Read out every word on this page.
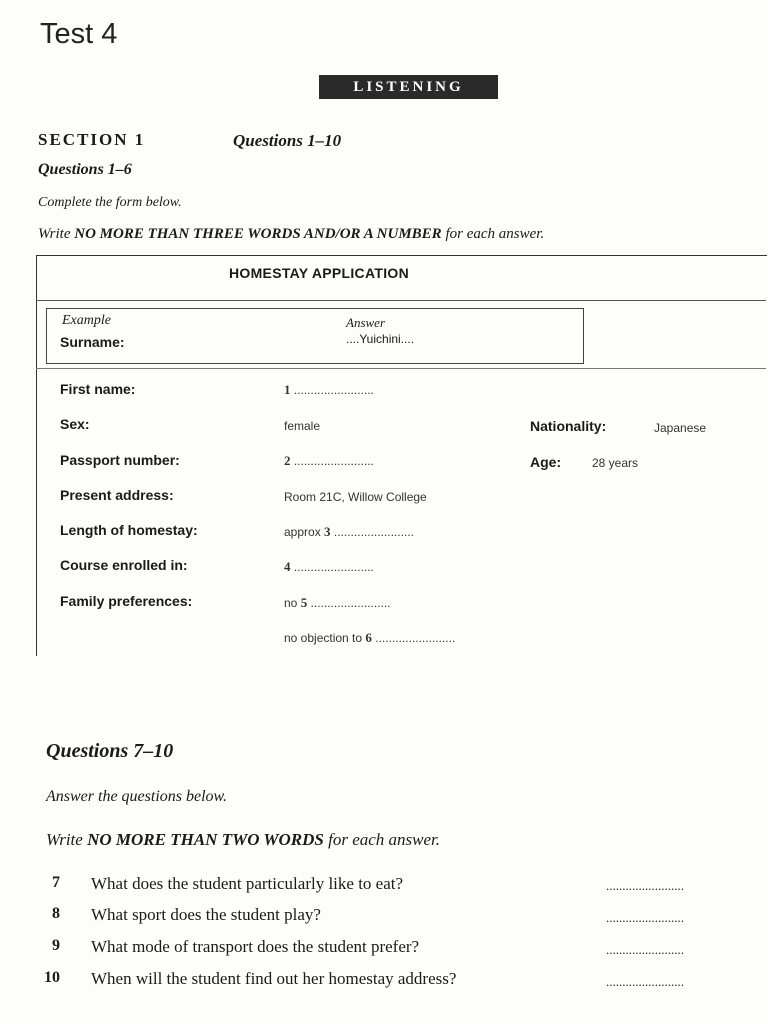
Test 4
LISTENING
SECTION 1	Questions 1–10
Questions 1–6
Complete the form below.
Write NO MORE THAN THREE WORDS AND/OR A NUMBER for each answer.
HOMESTAY APPLICATION
Example	Answer
Surname:	....Yuichini....
First name:	1 ........................
Sex:	female	Nationality:	Japanese
Passport number:	2 ........................	Age:	28 years
Present address:	Room 21C, Willow College
Length of homestay:	approx 3 ........................
Course enrolled in:	4 ........................
Family preferences:	no 5 ........................
no objection to 6 ........................
Questions 7–10
Answer the questions below.
Write NO MORE THAN TWO WORDS for each answer.
7 What does the student particularly like to eat?	........................
8 What sport does the student play?	........................
9 What mode of transport does the student prefer?	........................
10 When will the student find out her homestay address?	........................
